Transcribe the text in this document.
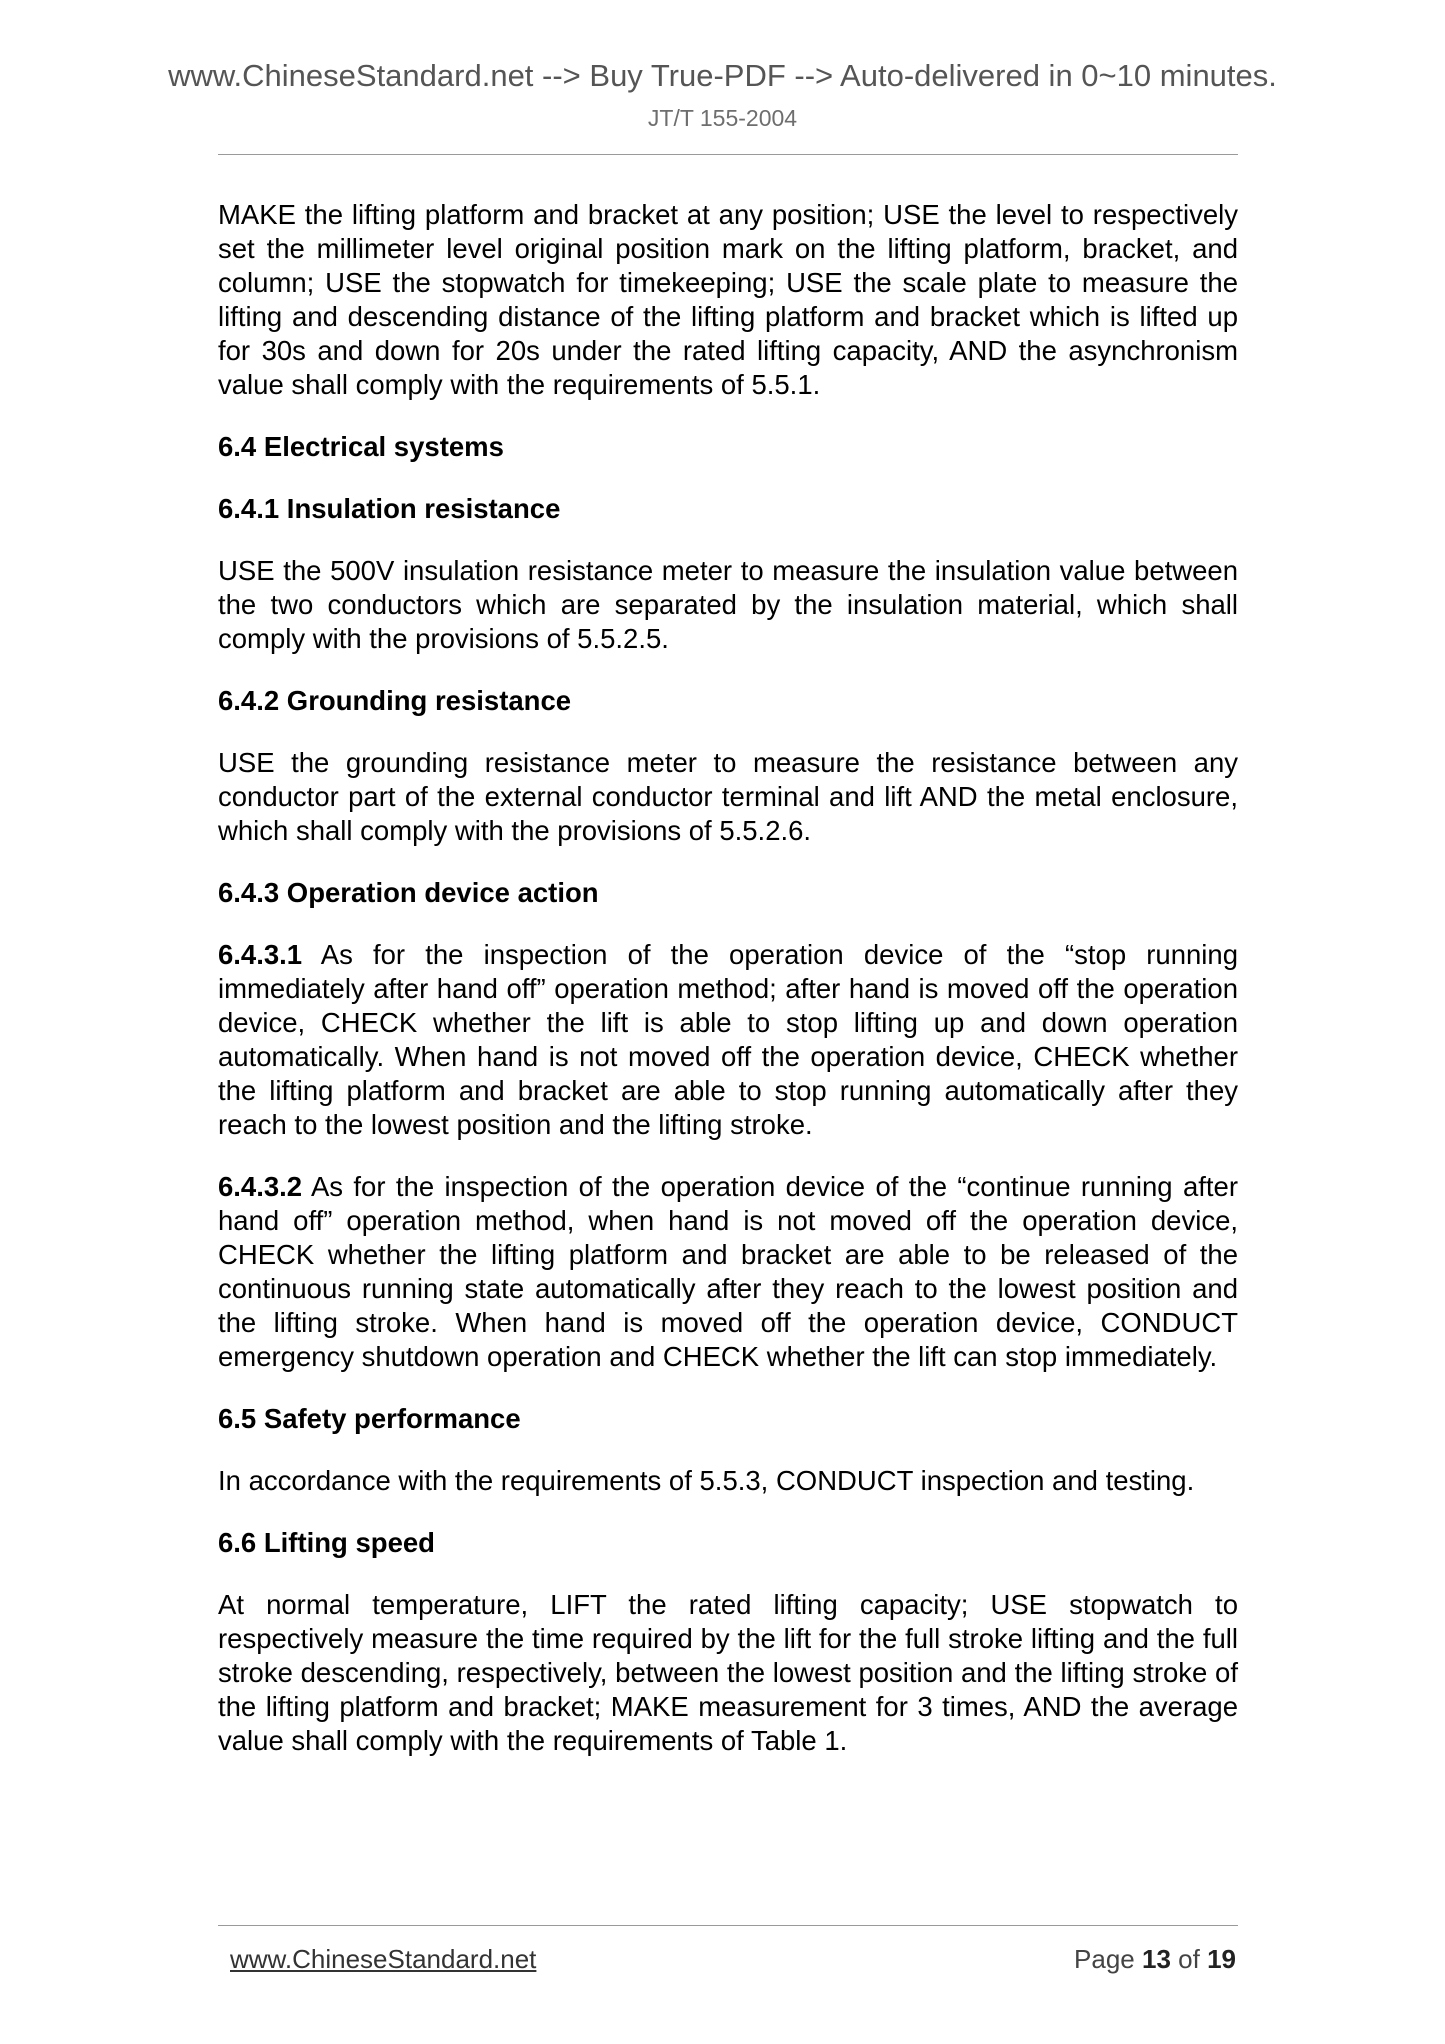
www.ChineseStandard.net --> Buy True-PDF --> Auto-delivered in 0~10 minutes.
JT/T 155-2004

MAKE the lifting platform and bracket at any position; USE the level to respectively set the millimeter level original position mark on the lifting platform, bracket, and column; USE the stopwatch for timekeeping; USE the scale plate to measure the lifting and descending distance of the lifting platform and bracket which is lifted up for 30s and down for 20s under the rated lifting capacity, AND the asynchronism value shall comply with the requirements of 5.5.1.

6.4 Electrical systems
6.4.1 Insulation resistance

USE the 500V insulation resistance meter to measure the insulation value between the two conductors which are separated by the insulation material, which shall comply with the provisions of 5.5.2.5.

6.4.2 Grounding resistance

USE the grounding resistance meter to measure the resistance between any conductor part of the external conductor terminal and lift AND the metal enclosure, which shall comply with the provisions of 5.5.2.6.

6.4.3 Operation device action

6.4.3.1 As for the inspection of the operation device of the “stop running immediately after hand off” operation method; after hand is moved off the operation device, CHECK whether the lift is able to stop lifting up and down operation automatically. When hand is not moved off the operation device, CHECK whether the lifting platform and bracket are able to stop running automatically after they reach to the lowest position and the lifting stroke.

6.4.3.2 As for the inspection of the operation device of the “continue running after hand off” operation method, when hand is not moved off the operation device, CHECK whether the lifting platform and bracket are able to be released of the continuous running state automatically after they reach to the lowest position and the lifting stroke. When hand is moved off the operation device, CONDUCT emergency shutdown operation and CHECK whether the lift can stop immediately.

6.5 Safety performance

In accordance with the requirements of 5.5.3, CONDUCT inspection and testing.

6.6 Lifting speed

At normal temperature, LIFT the rated lifting capacity; USE stopwatch to respectively measure the time required by the lift for the full stroke lifting and the full stroke descending, respectively, between the lowest position and the lifting stroke of the lifting platform and bracket; MAKE measurement for 3 times, AND the average value shall comply with the requirements of Table 1.

www.ChineseStandard.net	Page 13 of 19
